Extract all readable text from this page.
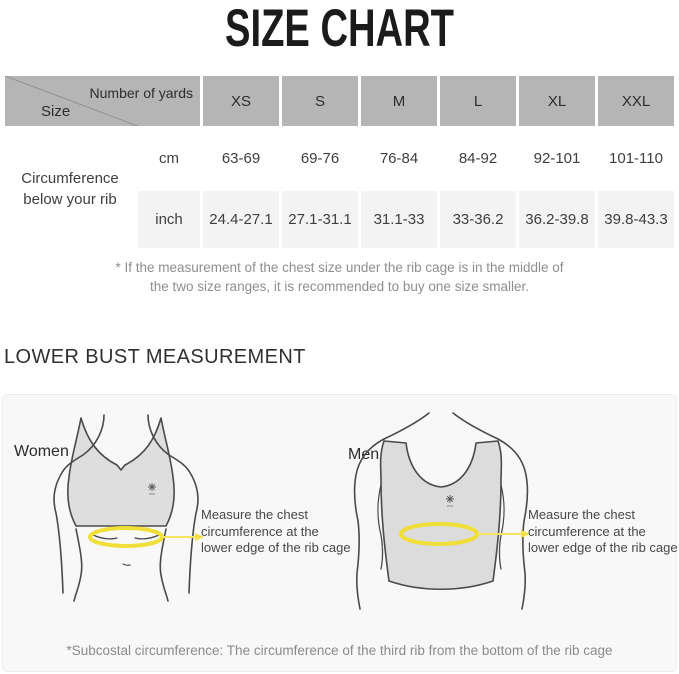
SIZE CHART
Number of yards
Size		XS	S	M	L	XL	XXL
Circumference below your rib	cm	63-69	69-76	76-84	84-92	92-101	101-110
	inch	24.4-27.1	27.1-31.1	31.1-33	33-36.2	36.2-39.8	39.8-43.3
* If the measurement of the chest size under the rib cage is in the middle of
the two size ranges, it is recommended to buy one size smaller.
LOWER BUST MEASUREMENT
Women
Measure the chest
circumference at the
lower edge of the rib cage
Men
Measure the chest
circumference at the
lower edge of the rib cage
*Subcostal circumference: The circumference of the third rib from the bottom of the rib cage
